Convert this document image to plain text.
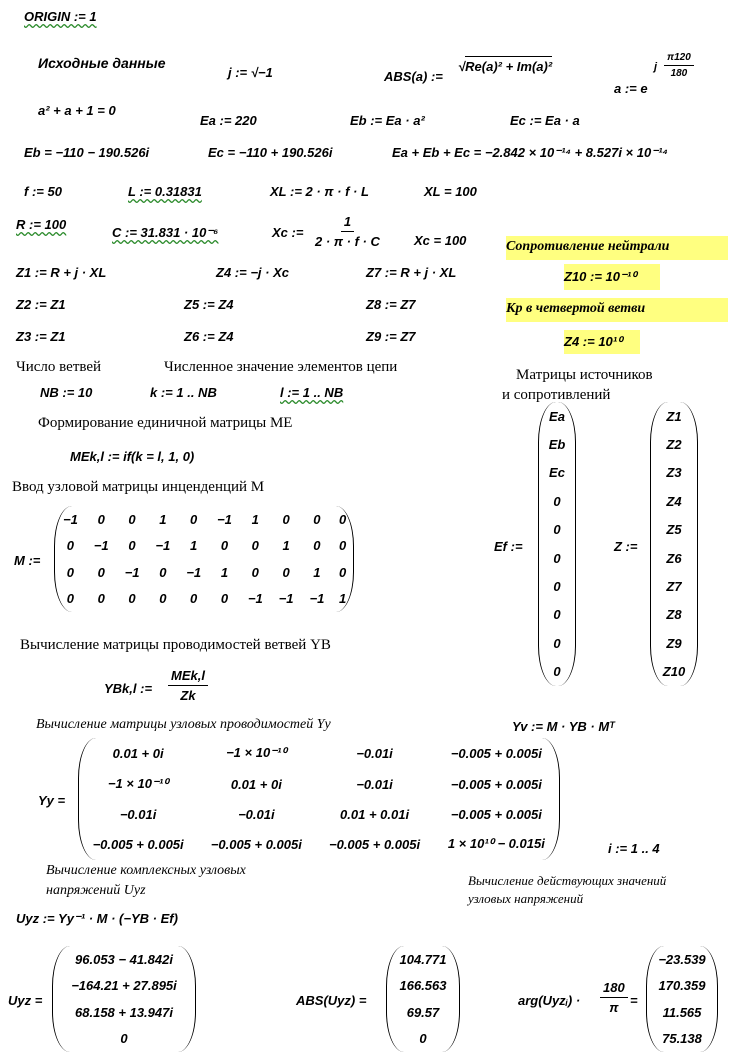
ORIGIN := 1
Исходные данные
j := √−1	ABS(a) :=
√Re(a)² + Im(a)²
a := e
j $\frac{\pi 120}{180}$
a² + a + 1 = 0
Ea := 220	Eb := Ea · a²	Ec := Ea · a
Eb = −110 − 190.526i	Ec = −110 + 190.526i	Ea + Eb + Ec = −2.842 × 10⁻¹⁴ + 8.527i × 10⁻¹⁴
f := 50	L := 0.31831	XL := 2 · π · f · L	XL = 100
R := 100
C := 31.831 · 10⁻⁶	Xc := $\frac{1}{2 \cdot \pi \cdot f \cdot C}$ Xc = 100	Сопротивление нейтрали
Z10 := 10⁻¹⁰
Кр в четвертой ветви
Z4 := 10¹⁰
Z1 := R + j · XL	Z4 := −j · Xc	Z7 := R + j · XL
Z2 := Z1	Z5 := Z4	Z8 := Z7
Z3 := Z1	Z6 := Z4	Z9 := Z7
Число ветвей	Численное значение элементов цепи
NB := 10	k := 1 .. NB	l := 1 .. NB
Матрицы источников
и сопротивлений
Формирование единичной матрицы ME
MEk,l := if(k = l, 1, 0)
Ввод узловой матрицы инценденций M
M :=
−1	0	0	1	0	−1	1	0	0	0
0	−1	0	−1	1	0	0	1	0	0
0	0	−1	0	−1	1	0	0	1	0
0	0	0	0	0	0	−1	−1	−1	1
Ef :=
Ea
Eb
Ec
0
0
0
0
0
0
0
Z :=
Z1
Z2
Z3
Z4
Z5
Z6
Z7
Z8
Z9
Z10
Вычисление матрицы проводимостей ветвей YB
YBk,l :=
MEk,l
Zk
Вычисление матрицы узловых проводимостей Yy	Yv := M · YB · Mᵀ
Yy =
0.01 + 0i	−1 × 10⁻¹⁰	−0.01i	−0.005 + 0.005i
−1 × 10⁻¹⁰	0.01 + 0i	−0.01i	−0.005 + 0.005i
−0.01i	−0.01i	0.01 + 0.01i	−0.005 + 0.005i
−0.005 + 0.005i	−0.005 + 0.005i	−0.005 + 0.005i	1 × 10¹⁰ − 0.015i	i := 1 .. 4
Вычисление комплексных узловых
напряжений Uyz
Вычисление действующих значений
узловых напряжений
Uyz := Yy⁻¹ · M · (−YB · Ef)
Uyz =
96.053 − 41.842i
−164.21 + 27.895i
68.158 + 13.947i
0
ABS(Uyz) =
104.771
166.563
69.57
0
arg(Uyzᵢ) · $\frac{180}{\pi}$ =
−23.539
170.359
11.565
75.138
